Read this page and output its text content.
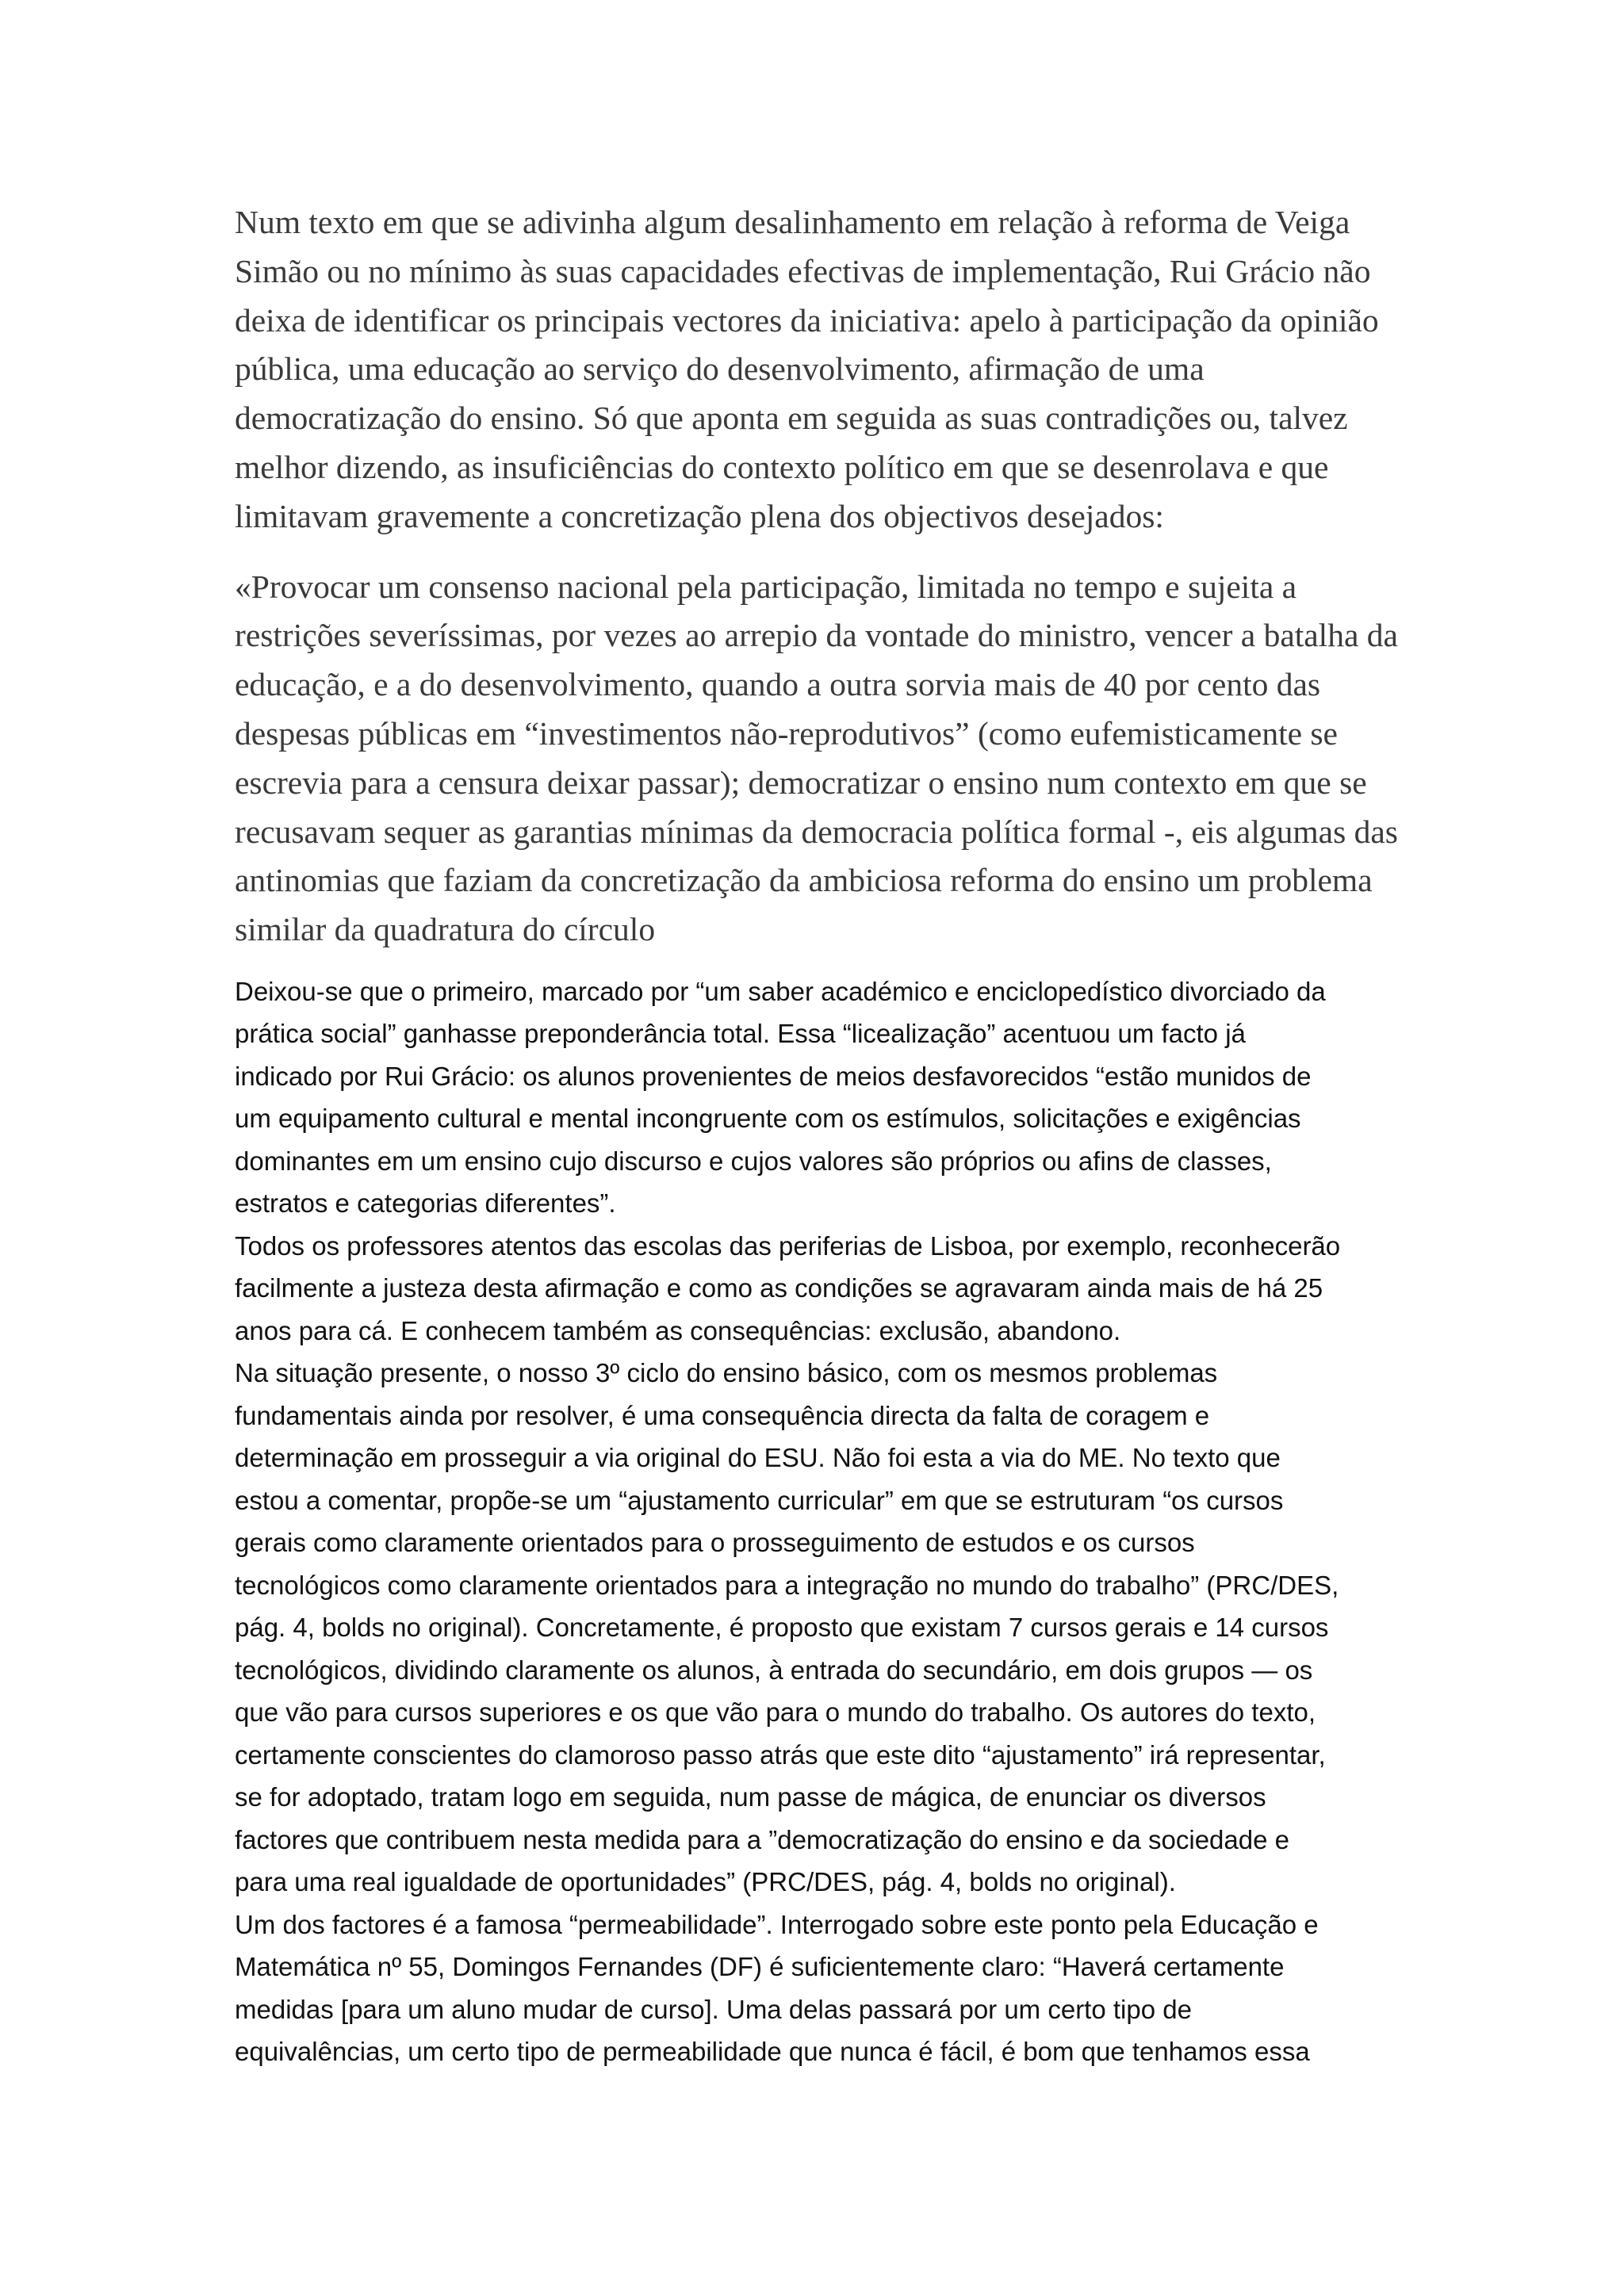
Num texto em que se adivinha algum desalinhamento em relação à reforma de Veiga
Simão ou no mínimo às suas capacidades efectivas de implementação, Rui Grácio não
deixa de identificar os principais vectores da iniciativa: apelo à participação da opinião
pública, uma educação ao serviço do desenvolvimento, afirmação de uma
democratização do ensino. Só que aponta em seguida as suas contradições ou, talvez
melhor dizendo, as insuficiências do contexto político em que se desenrolava e que
limitavam gravemente a concretização plena dos objectivos desejados:

«Provocar um consenso nacional pela participação, limitada no tempo e sujeita a
restrições severíssimas, por vezes ao arrepio da vontade do ministro, vencer a batalha da
educação, e a do desenvolvimento, quando a outra sorvia mais de 40 por cento das
despesas públicas em “investimentos não-reprodutivos” (como eufemisticamente se
escrevia para a censura deixar passar); democratizar o ensino num contexto em que se
recusavam sequer as garantias mínimas da democracia política formal -, eis algumas das
antinomias que faziam da concretização da ambiciosa reforma do ensino um problema
similar da quadratura do círculo

Deixou-se que o primeiro, marcado por “um saber académico e enciclopedístico divorciado da
prática social” ganhasse preponderância total. Essa “licealização” acentuou um facto já
indicado por Rui Grácio: os alunos provenientes de meios desfavorecidos “estão munidos de
um equipamento cultural e mental incongruente com os estímulos, solicitações e exigências
dominantes em um ensino cujo discurso e cujos valores são próprios ou afins de classes,
estratos e categorias diferentes”.
Todos os professores atentos das escolas das periferias de Lisboa, por exemplo, reconhecerão
facilmente a justeza desta afirmação e como as condições se agravaram ainda mais de há 25
anos para cá. E conhecem também as consequências: exclusão, abandono.
Na situação presente, o nosso 3º ciclo do ensino básico, com os mesmos problemas
fundamentais ainda por resolver, é uma consequência directa da falta de coragem e
determinação em prosseguir a via original do ESU. Não foi esta a via do ME. No texto que
estou a comentar, propõe-se um “ajustamento curricular” em que se estruturam “os cursos
gerais como claramente orientados para o prosseguimento de estudos e os cursos
tecnológicos como claramente orientados para a integração no mundo do trabalho” (PRC/DES,
pág. 4, bolds no original). Concretamente, é proposto que existam 7 cursos gerais e 14 cursos
tecnológicos, dividindo claramente os alunos, à entrada do secundário, em dois grupos — os
que vão para cursos superiores e os que vão para o mundo do trabalho. Os autores do texto,
certamente conscientes do clamoroso passo atrás que este dito “ajustamento” irá representar,
se for adoptado, tratam logo em seguida, num passe de mágica, de enunciar os diversos
factores que contribuem nesta medida para a ”democratização do ensino e da sociedade e
para uma real igualdade de oportunidades” (PRC/DES, pág. 4, bolds no original).
Um dos factores é a famosa “permeabilidade”. Interrogado sobre este ponto pela Educação e
Matemática nº 55, Domingos Fernandes (DF) é suficientemente claro: “Haverá certamente
medidas [para um aluno mudar de curso]. Uma delas passará por um certo tipo de
equivalências, um certo tipo de permeabilidade que nunca é fácil, é bom que tenhamos essa
